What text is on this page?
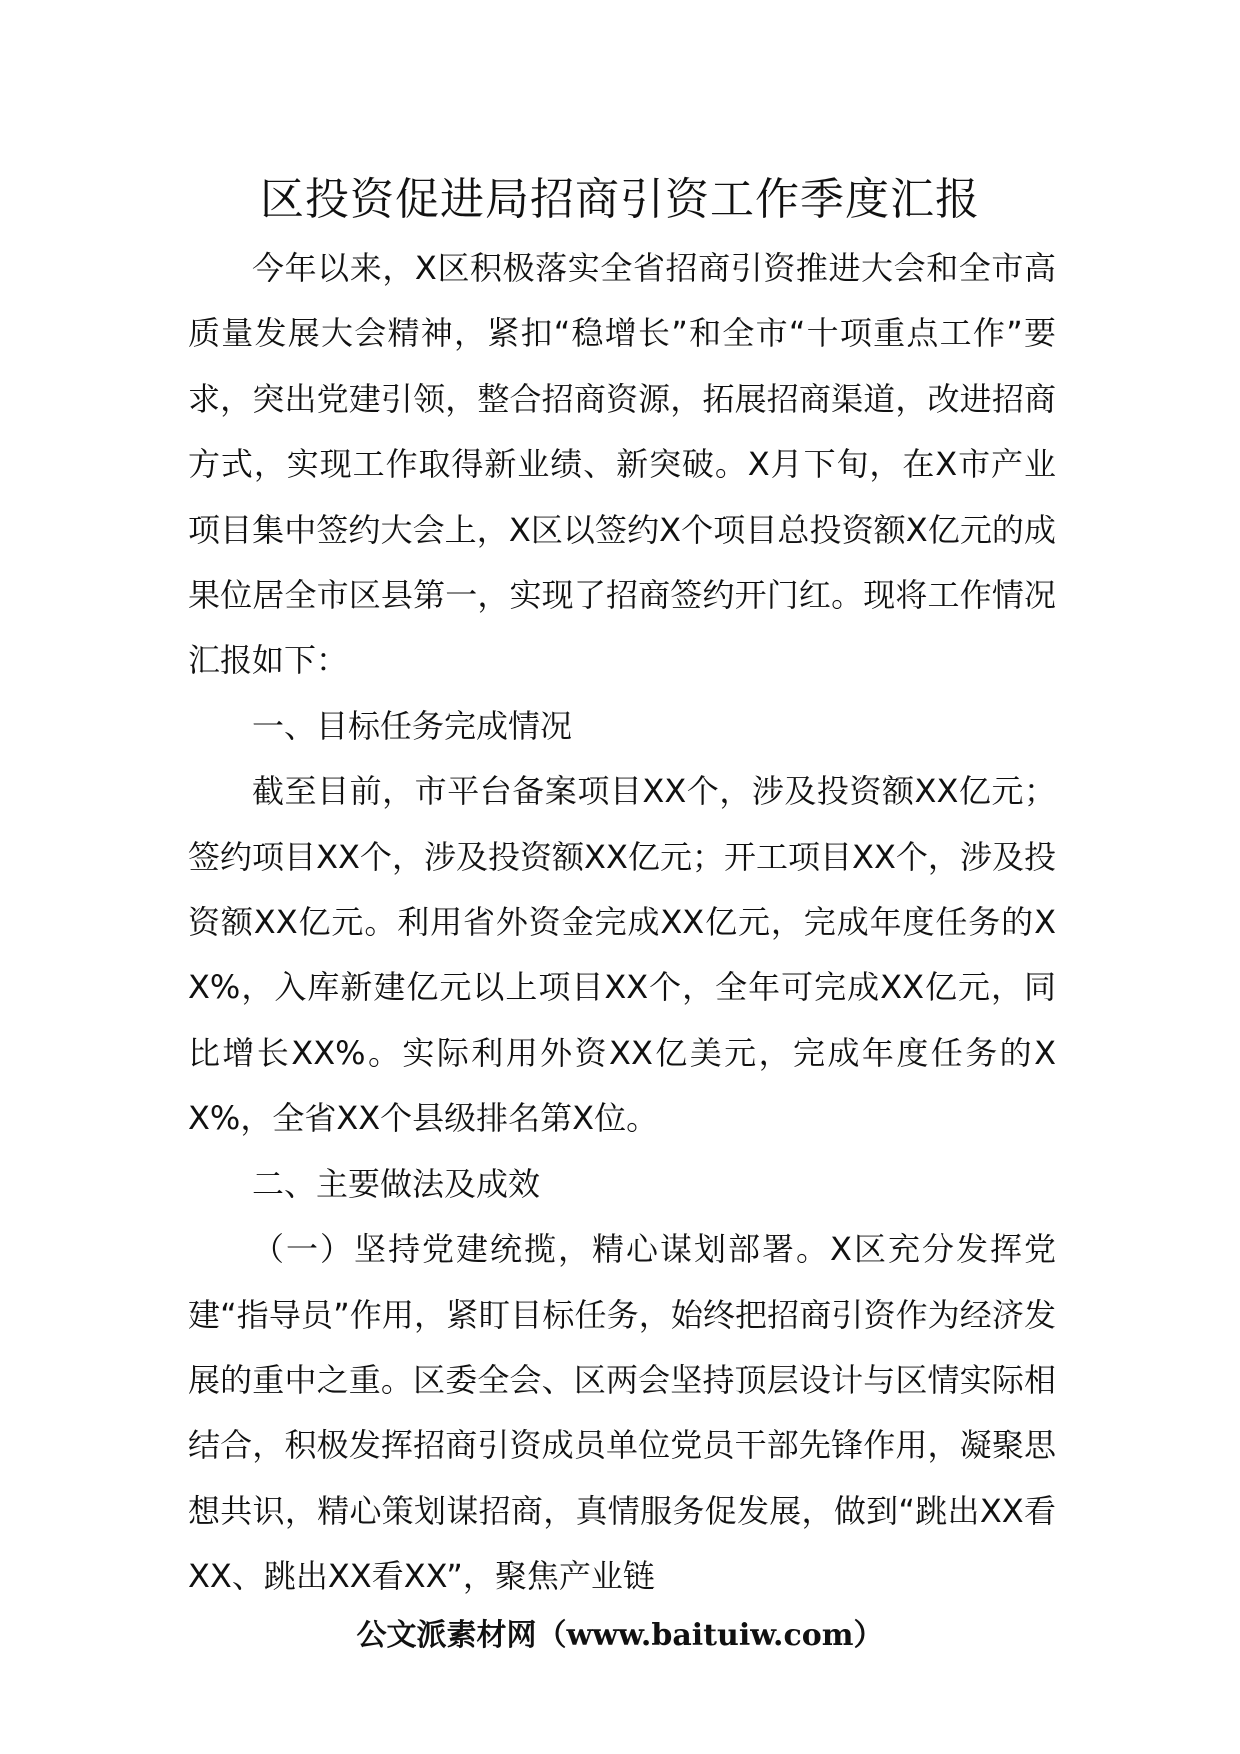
区投资促进局招商引资工作季度汇报

今年以来，X区积极落实全省招商引资推进大会和全市高质量发展大会精神，紧扣“稳增长”和全市“十项重点工作”要求，突出党建引领，整合招商资源，拓展招商渠道，改进招商方式，实现工作取得新业绩、新突破。X月下旬，在X市产业项目集中签约大会上，X区以签约X个项目总投资额X亿元的成果位居全市区县第一，实现了招商签约开门红。现将工作情况汇报如下：

一、目标任务完成情况

截至目前，市平台备案项目XX个，涉及投资额XX亿元；签约项目XX个，涉及投资额XX亿元；开工项目XX个，涉及投资额XX亿元。利用省外资金完成XX亿元，完成年度任务的XX%，入库新建亿元以上项目XX个，全年可完成XX亿元，同比增长XX%。实际利用外资XX亿美元，完成年度任务的XX%，全省XX个县级排名第X位。

二、主要做法及成效

（一）坚持党建统揽，精心谋划部署。X区充分发挥党建“指导员”作用，紧盯目标任务，始终把招商引资作为经济发展的重中之重。区委全会、区两会坚持顶层设计与区情实际相结合，积极发挥招商引资成员单位党员干部先锋作用，凝聚思想共识，精心策划谋招商，真情服务促发展，做到“跳出XX看XX、跳出XX看XX”，聚焦产业链

公文派素材网（www.baituiw.com）
